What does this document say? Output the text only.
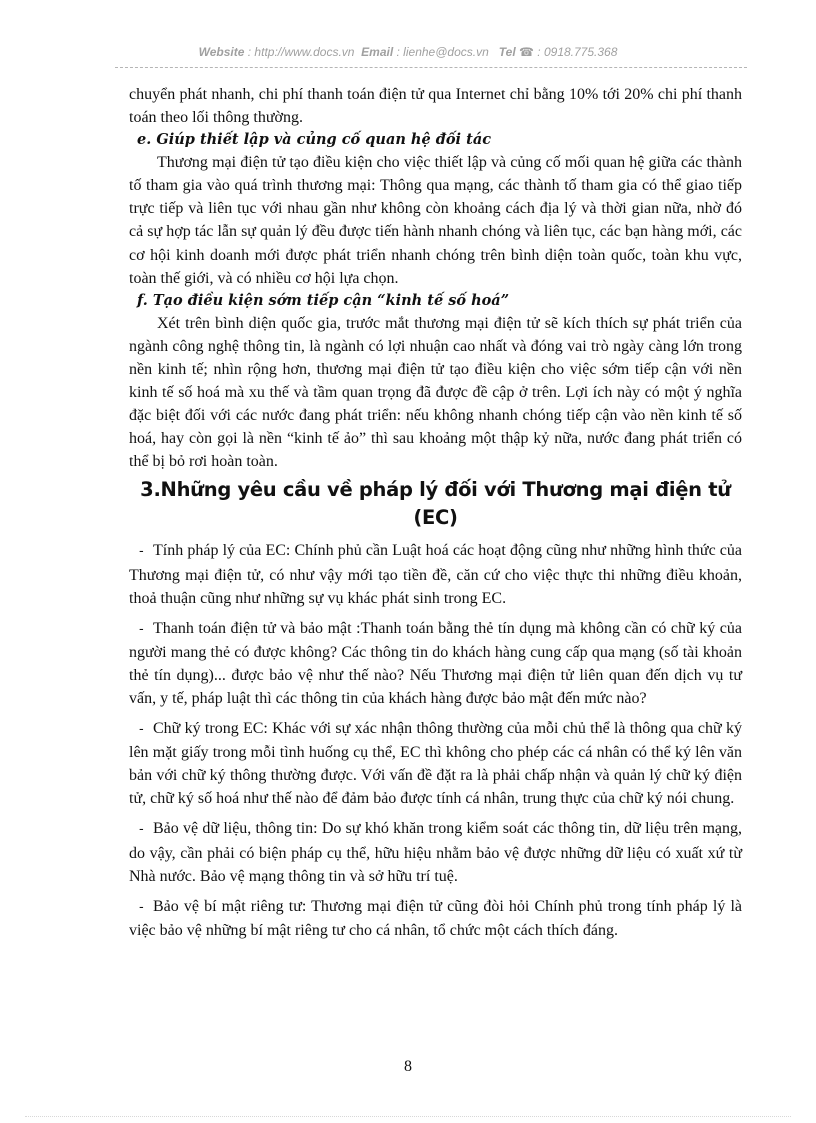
Website : http://www.docs.vn Email : lienhe@docs.vn Tel ☎ : 0918.775.368

chuyển phát nhanh, chi phí thanh toán điện tử qua Internet chỉ bằng 10% tới 20% chi phí thanh toán theo lối thông thường.

e. Giúp thiết lập và củng cố quan hệ đối tác

Thương mại điện tử tạo điều kiện cho việc thiết lập và củng cố mối quan hệ giữa các thành tố tham gia vào quá trình thương mại: Thông qua mạng, các thành tố tham gia có thể giao tiếp trực tiếp và liên tục với nhau gần như không còn khoảng cách địa lý và thời gian nữa, nhờ đó cả sự hợp tác lẫn sự quản lý đều được tiến hành nhanh chóng và liên tục, các bạn hàng mới, các cơ hội kinh doanh mới được phát triển nhanh chóng trên bình diện toàn quốc, toàn khu vực, toàn thế giới, và có nhiều cơ hội lựa chọn.

f. Tạo điều kiện sớm tiếp cận “kinh tế số hoá”

Xét trên bình diện quốc gia, trước mắt thương mại điện tử sẽ kích thích sự phát triển của ngành công nghệ thông tin, là ngành có lợi nhuận cao nhất và đóng vai trò ngày càng lớn trong nền kinh tế; nhìn rộng hơn, thương mại điện tử tạo điều kiện cho việc sớm tiếp cận với nền kinh tế số hoá mà xu thế và tầm quan trọng đã được đề cập ở trên. Lợi ích này có một ý nghĩa đặc biệt đối với các nước đang phát triển: nếu không nhanh chóng tiếp cận vào nền kinh tế số hoá, hay còn gọi là nền “kinh tế ảo” thì sau khoảng một thập kỷ nữa, nước đang phát triển có thể bị bỏ rơi hoàn toàn.

3.Những yêu cầu về pháp lý đối với Thương mại điện tử (EC)

- Tính pháp lý của EC: Chính phủ cần Luật hoá các hoạt động cũng như những hình thức của Thương mại điện tử, có như vậy mới tạo tiền đề, căn cứ cho việc thực thi những điều khoản, thoả thuận cũng như những sự vụ khác phát sinh trong EC.

- Thanh toán điện tử và bảo mật :Thanh toán bằng thẻ tín dụng mà không cần có chữ ký của người mang thẻ có được không? Các thông tin do khách hàng cung cấp qua mạng (số tài khoản thẻ tín dụng)... được bảo vệ như thế nào? Nếu Thương mại điện tử liên quan đến dịch vụ tư vấn, y tế, pháp luật thì các thông tin của khách hàng được bảo mật đến mức nào?

- Chữ ký trong EC: Khác với sự xác nhận thông thường của mỗi chủ thể là thông qua chữ ký lên mặt giấy trong mỗi tình huống cụ thể, EC thì không cho phép các cá nhân có thể ký lên văn bản với chữ ký thông thường được. Với vấn đề đặt ra là phải chấp nhận và quản lý chữ ký điện tử, chữ ký số hoá như thế nào để đảm bảo được tính cá nhân, trung thực của chữ ký nói chung.

- Bảo vệ dữ liệu, thông tin: Do sự khó khăn trong kiểm soát các thông tin, dữ liệu trên mạng, do vậy, cần phải có biện pháp cụ thể, hữu hiệu nhằm bảo vệ được những dữ liệu có xuất xứ từ Nhà nước. Bảo vệ mạng thông tin và sở hữu trí tuệ.

- Bảo vệ bí mật riêng tư: Thương mại điện tử cũng đòi hỏi Chính phủ trong tính pháp lý là việc bảo vệ những bí mật riêng tư cho cá nhân, tổ chức một cách thích đáng.

8
